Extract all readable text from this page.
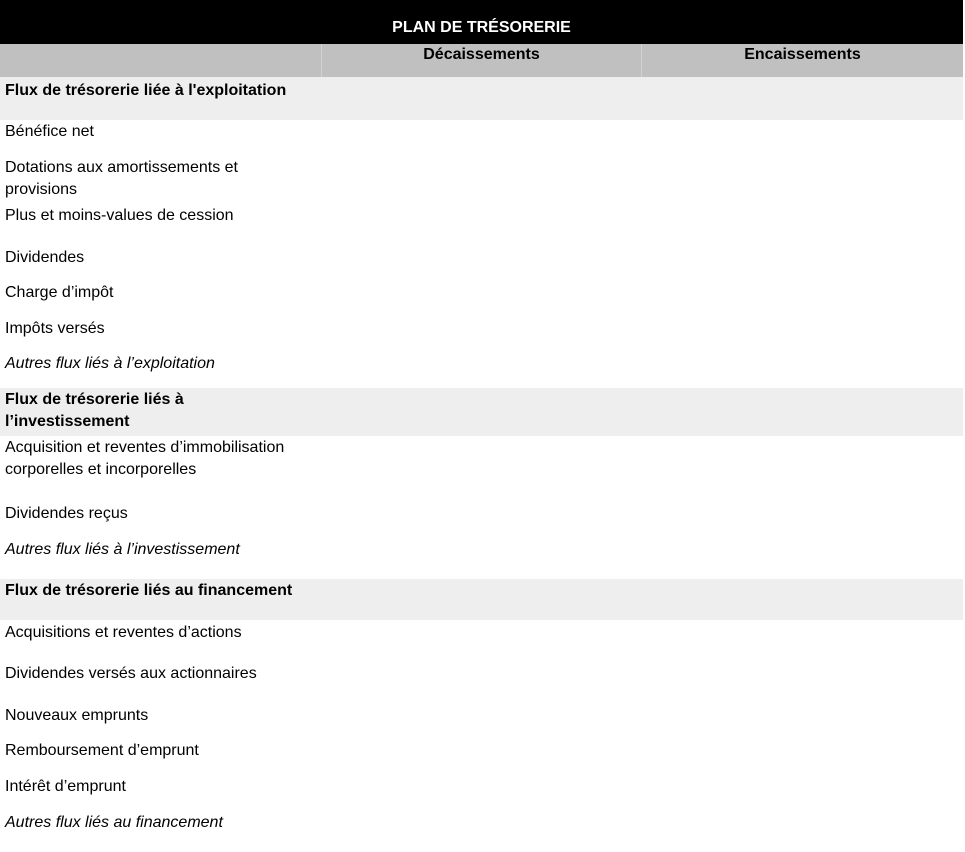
PLAN DE TRÉSORERIE
Décaissements	Encaissements
Flux de trésorerie liée à l'exploitation
Bénéfice net
Dotations aux amortissements et provisions
Plus et moins-values de cession
Dividendes
Charge d’impôt
Impôts versés
Autres flux liés à l’exploitation
Flux de trésorerie liés à l’investissement
Acquisition et reventes d’immobilisation corporelles et incorporelles
Dividendes reçus
Autres flux liés à l’investissement
Flux de trésorerie liés au financement
Acquisitions et reventes d’actions
Dividendes versés aux actionnaires
Nouveaux emprunts
Remboursement d’emprunt
Intérêt d’emprunt
Autres flux liés au financement
